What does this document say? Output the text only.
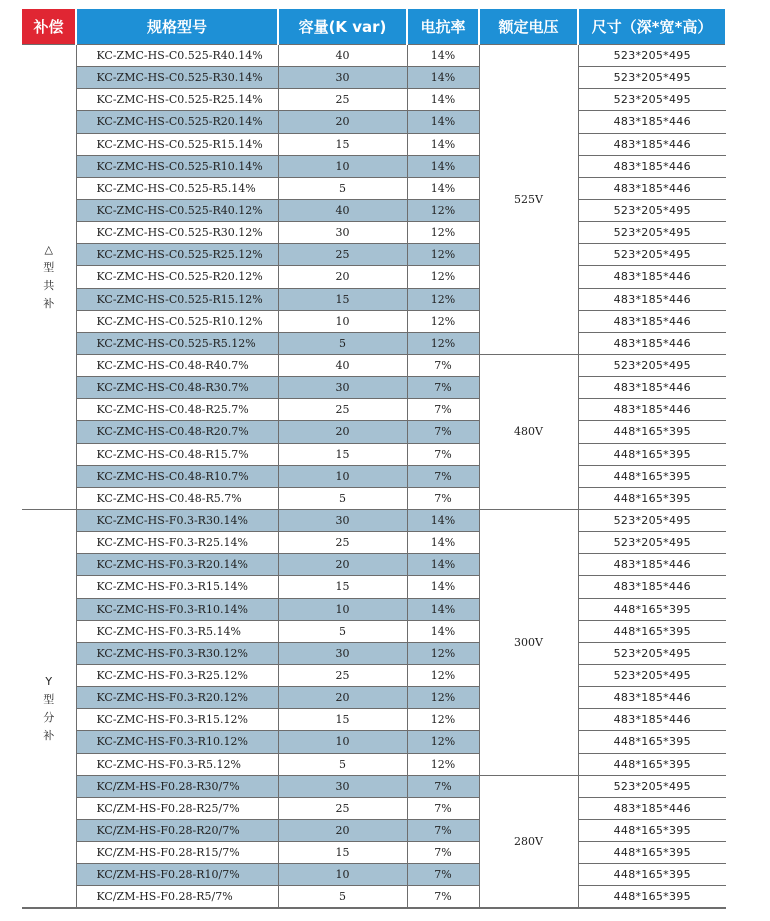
补偿	规格型号	容量(K var)	电抗率	额定电压	尺寸（深*宽*高）

△型共补	KC-ZMC-HS-C0.525-R40.14%	40	14%	525V	523*205*495
	KC-ZMC-HS-C0.525-R30.14%	30	14%		523*205*495
	KC-ZMC-HS-C0.525-R25.14%	25	14%		523*205*495
	KC-ZMC-HS-C0.525-R20.14%	20	14%		483*185*446
	KC-ZMC-HS-C0.525-R15.14%	15	14%		483*185*446
	KC-ZMC-HS-C0.525-R10.14%	10	14%		483*185*446
	KC-ZMC-HS-C0.525-R5.14%	5	14%		483*185*446
	KC-ZMC-HS-C0.525-R40.12%	40	12%		523*205*495
	KC-ZMC-HS-C0.525-R30.12%	30	12%		523*205*495
	KC-ZMC-HS-C0.525-R25.12%	25	12%		523*205*495
	KC-ZMC-HS-C0.525-R20.12%	20	12%		483*185*446
	KC-ZMC-HS-C0.525-R15.12%	15	12%		483*185*446
	KC-ZMC-HS-C0.525-R10.12%	10	12%		483*185*446
	KC-ZMC-HS-C0.525-R5.12%	5	12%		483*185*446
	KC-ZMC-HS-C0.48-R40.7%	40	7%	480V	523*205*495
	KC-ZMC-HS-C0.48-R30.7%	30	7%		483*185*446
	KC-ZMC-HS-C0.48-R25.7%	25	7%		483*185*446
	KC-ZMC-HS-C0.48-R20.7%	20	7%		448*165*395
	KC-ZMC-HS-C0.48-R15.7%	15	7%		448*165*395
	KC-ZMC-HS-C0.48-R10.7%	10	7%		448*165*395
	KC-ZMC-HS-C0.48-R5.7%	5	7%		448*165*395

Y型分补	KC-ZMC-HS-F0.3-R30.14%	30	14%	300V	523*205*495
	KC-ZMC-HS-F0.3-R25.14%	25	14%		523*205*495
	KC-ZMC-HS-F0.3-R20.14%	20	14%		483*185*446
	KC-ZMC-HS-F0.3-R15.14%	15	14%		483*185*446
	KC-ZMC-HS-F0.3-R10.14%	10	14%		448*165*395
	KC-ZMC-HS-F0.3-R5.14%	5	14%		448*165*395
	KC-ZMC-HS-F0.3-R30.12%	30	12%		523*205*495
	KC-ZMC-HS-F0.3-R25.12%	25	12%		523*205*495
	KC-ZMC-HS-F0.3-R20.12%	20	12%		483*185*446
	KC-ZMC-HS-F0.3-R15.12%	15	12%		483*185*446
	KC-ZMC-HS-F0.3-R10.12%	10	12%		448*165*395
	KC-ZMC-HS-F0.3-R5.12%	5	12%		448*165*395
	KC/ZM-HS-F0.28-R30/7%	30	7%	280V	523*205*495
	KC/ZM-HS-F0.28-R25/7%	25	7%		483*185*446
	KC/ZM-HS-F0.28-R20/7%	20	7%		448*165*395
	KC/ZM-HS-F0.28-R15/7%	15	7%		448*165*395
	KC/ZM-HS-F0.28-R10/7%	10	7%		448*165*395
	KC/ZM-HS-F0.28-R5/7%	5	7%		448*165*395
